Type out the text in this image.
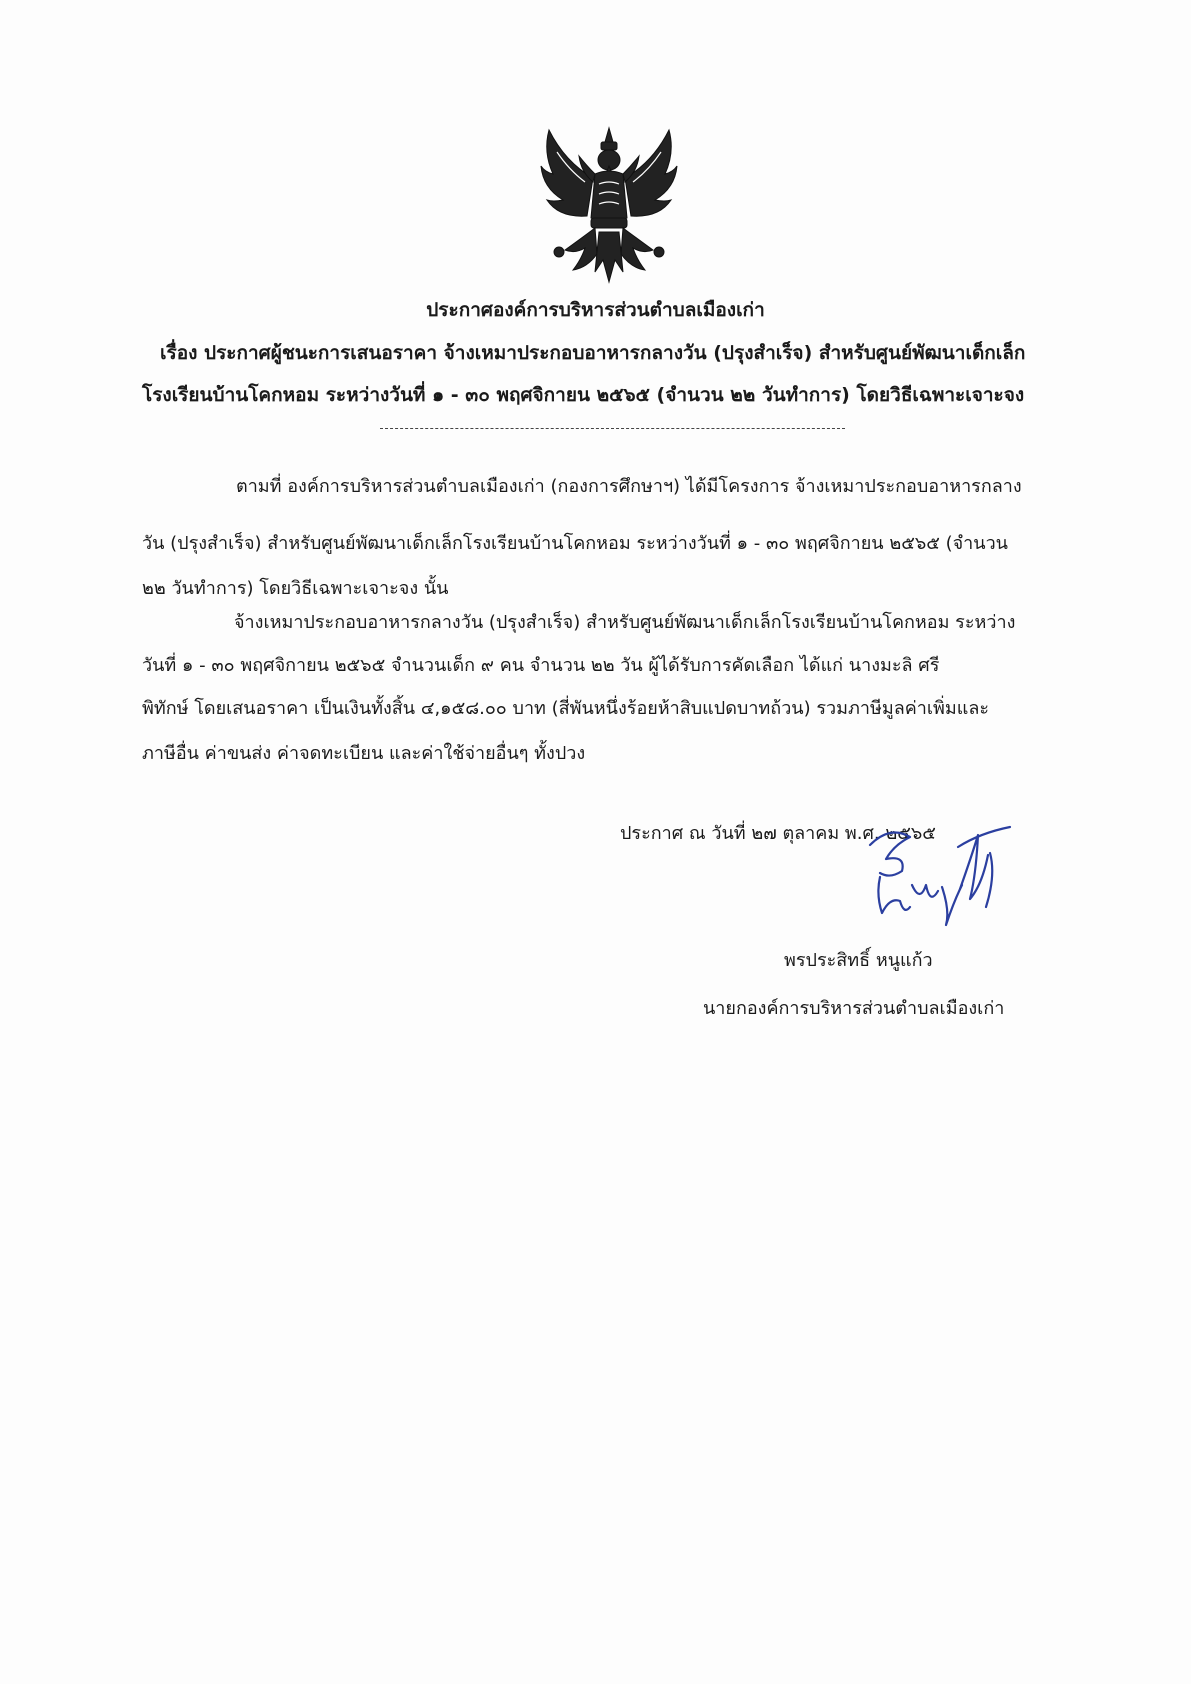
ประกาศองค์การบริหารส่วนตำบลเมืองเก่า
เรื่อง ประกาศผู้ชนะการเสนอราคา จ้างเหมาประกอบอาหารกลางวัน (ปรุงสำเร็จ) สำหรับศูนย์พัฒนาเด็กเล็ก
โรงเรียนบ้านโคกหอม ระหว่างวันที่ ๑ - ๓๐ พฤศจิกายน ๒๕๖๕ (จำนวน ๒๒ วันทำการ) โดยวิธีเฉพาะเจาะจง
ตามที่ องค์การบริหารส่วนตำบลเมืองเก่า (กองการศึกษาฯ) ได้มีโครงการ จ้างเหมาประกอบอาหารกลาง
วัน (ปรุงสำเร็จ) สำหรับศูนย์พัฒนาเด็กเล็กโรงเรียนบ้านโคกหอม ระหว่างวันที่ ๑ - ๓๐ พฤศจิกายน ๒๕๖๕ (จำนวน
๒๒ วันทำการ) โดยวิธีเฉพาะเจาะจง นั้น
จ้างเหมาประกอบอาหารกลางวัน (ปรุงสำเร็จ) สำหรับศูนย์พัฒนาเด็กเล็กโรงเรียนบ้านโคกหอม ระหว่าง
วันที่ ๑ - ๓๐ พฤศจิกายน ๒๕๖๕ จำนวนเด็ก ๙ คน จำนวน ๒๒ วัน ผู้ได้รับการคัดเลือก ได้แก่ นางมะลิ ศรี
พิทักษ์ โดยเสนอราคา เป็นเงินทั้งสิ้น ๔,๑๕๘.๐๐ บาท (สี่พันหนึ่งร้อยห้าสิบแปดบาทถ้วน) รวมภาษีมูลค่าเพิ่มและ
ภาษีอื่น ค่าขนส่ง ค่าจดทะเบียน และค่าใช้จ่ายอื่นๆ ทั้งปวง
ประกาศ ณ วันที่ ๒๗ ตุลาคม พ.ศ. ๒๕๖๕
พรประสิทธิ์ หนูแก้ว
นายกองค์การบริหารส่วนตำบลเมืองเก่า
